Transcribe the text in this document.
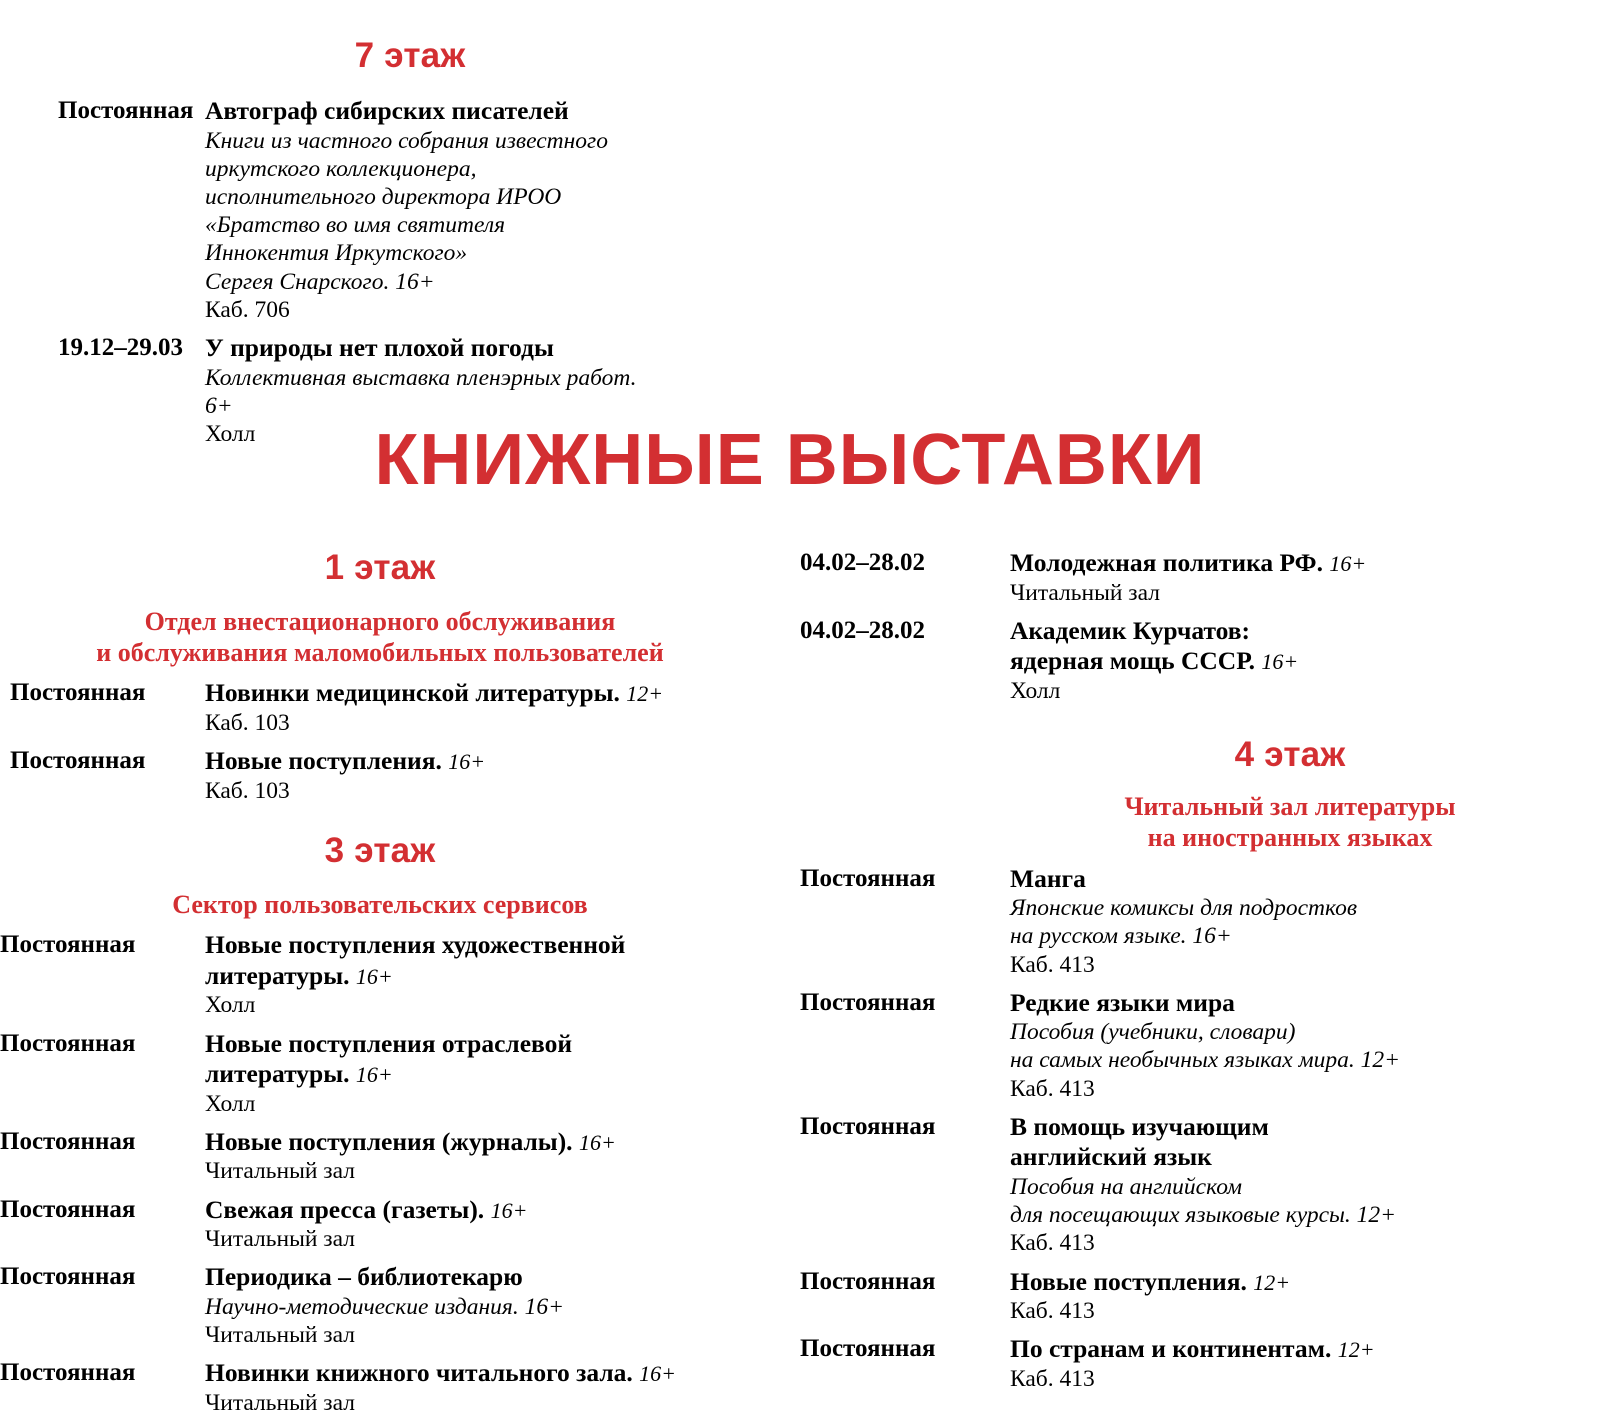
7 этаж
Постоянная Автограф сибирских писателей
Книги из частного собрания известного
иркутского коллекционера,
исполнительного директора ИРОО
«Братство во имя святителя
Иннокентия Иркутского»
Сергея Снарского. 16+
Каб. 706
19.12–29.03 У природы нет плохой погоды
Коллективная выставка пленэрных работ.
6+
Холл	КНИЖНЫЕ ВЫСТАВКИ
1 этаж
Отдел внестационарного обслуживания
и обслуживания маломобильных пользователей
Постоянная	Новинки медицинской литературы. 12+
Каб. 103
Постоянная	Новые поступления. 16+
Каб. 103
3 этаж
Сектор пользовательских сервисов
Постоянная	Новые поступления художественной
литературы. 16+
Холл
Постоянная	Новые поступления отраслевой
литературы. 16+
Холл
Постоянная	Новые поступления (журналы). 16+
Читальный зал
Постоянная	Свежая пресса (газеты). 16+
Читальный зал
Постоянная	Периодика – библиотекарю
Научно-методические издания. 16+
Читальный зал
Постоянная	Новинки книжного читального зала. 16+
Читальный зал
04.02–28.02	Молодежная политика РФ. 16+
Читальный зал
04.02–28.02	Академик Курчатов:
ядерная мощь СССР. 16+
Холл
4 этаж
Читальный зал литературы
на иностранных языках
Постоянная	Манга
Японские комиксы для подростков
на русском языке. 16+
Каб. 413
Постоянная	Редкие языки мира
Пособия (учебники, словари)
на самых необычных языках мира. 12+
Каб. 413
Постоянная	В помощь изучающим
английский язык
Пособия на английском
для посещающих языковые курсы. 12+
Каб. 413
Постоянная	Новые поступления. 12+
Каб. 413
Постоянная	По странам и континентам. 12+
Каб. 413
